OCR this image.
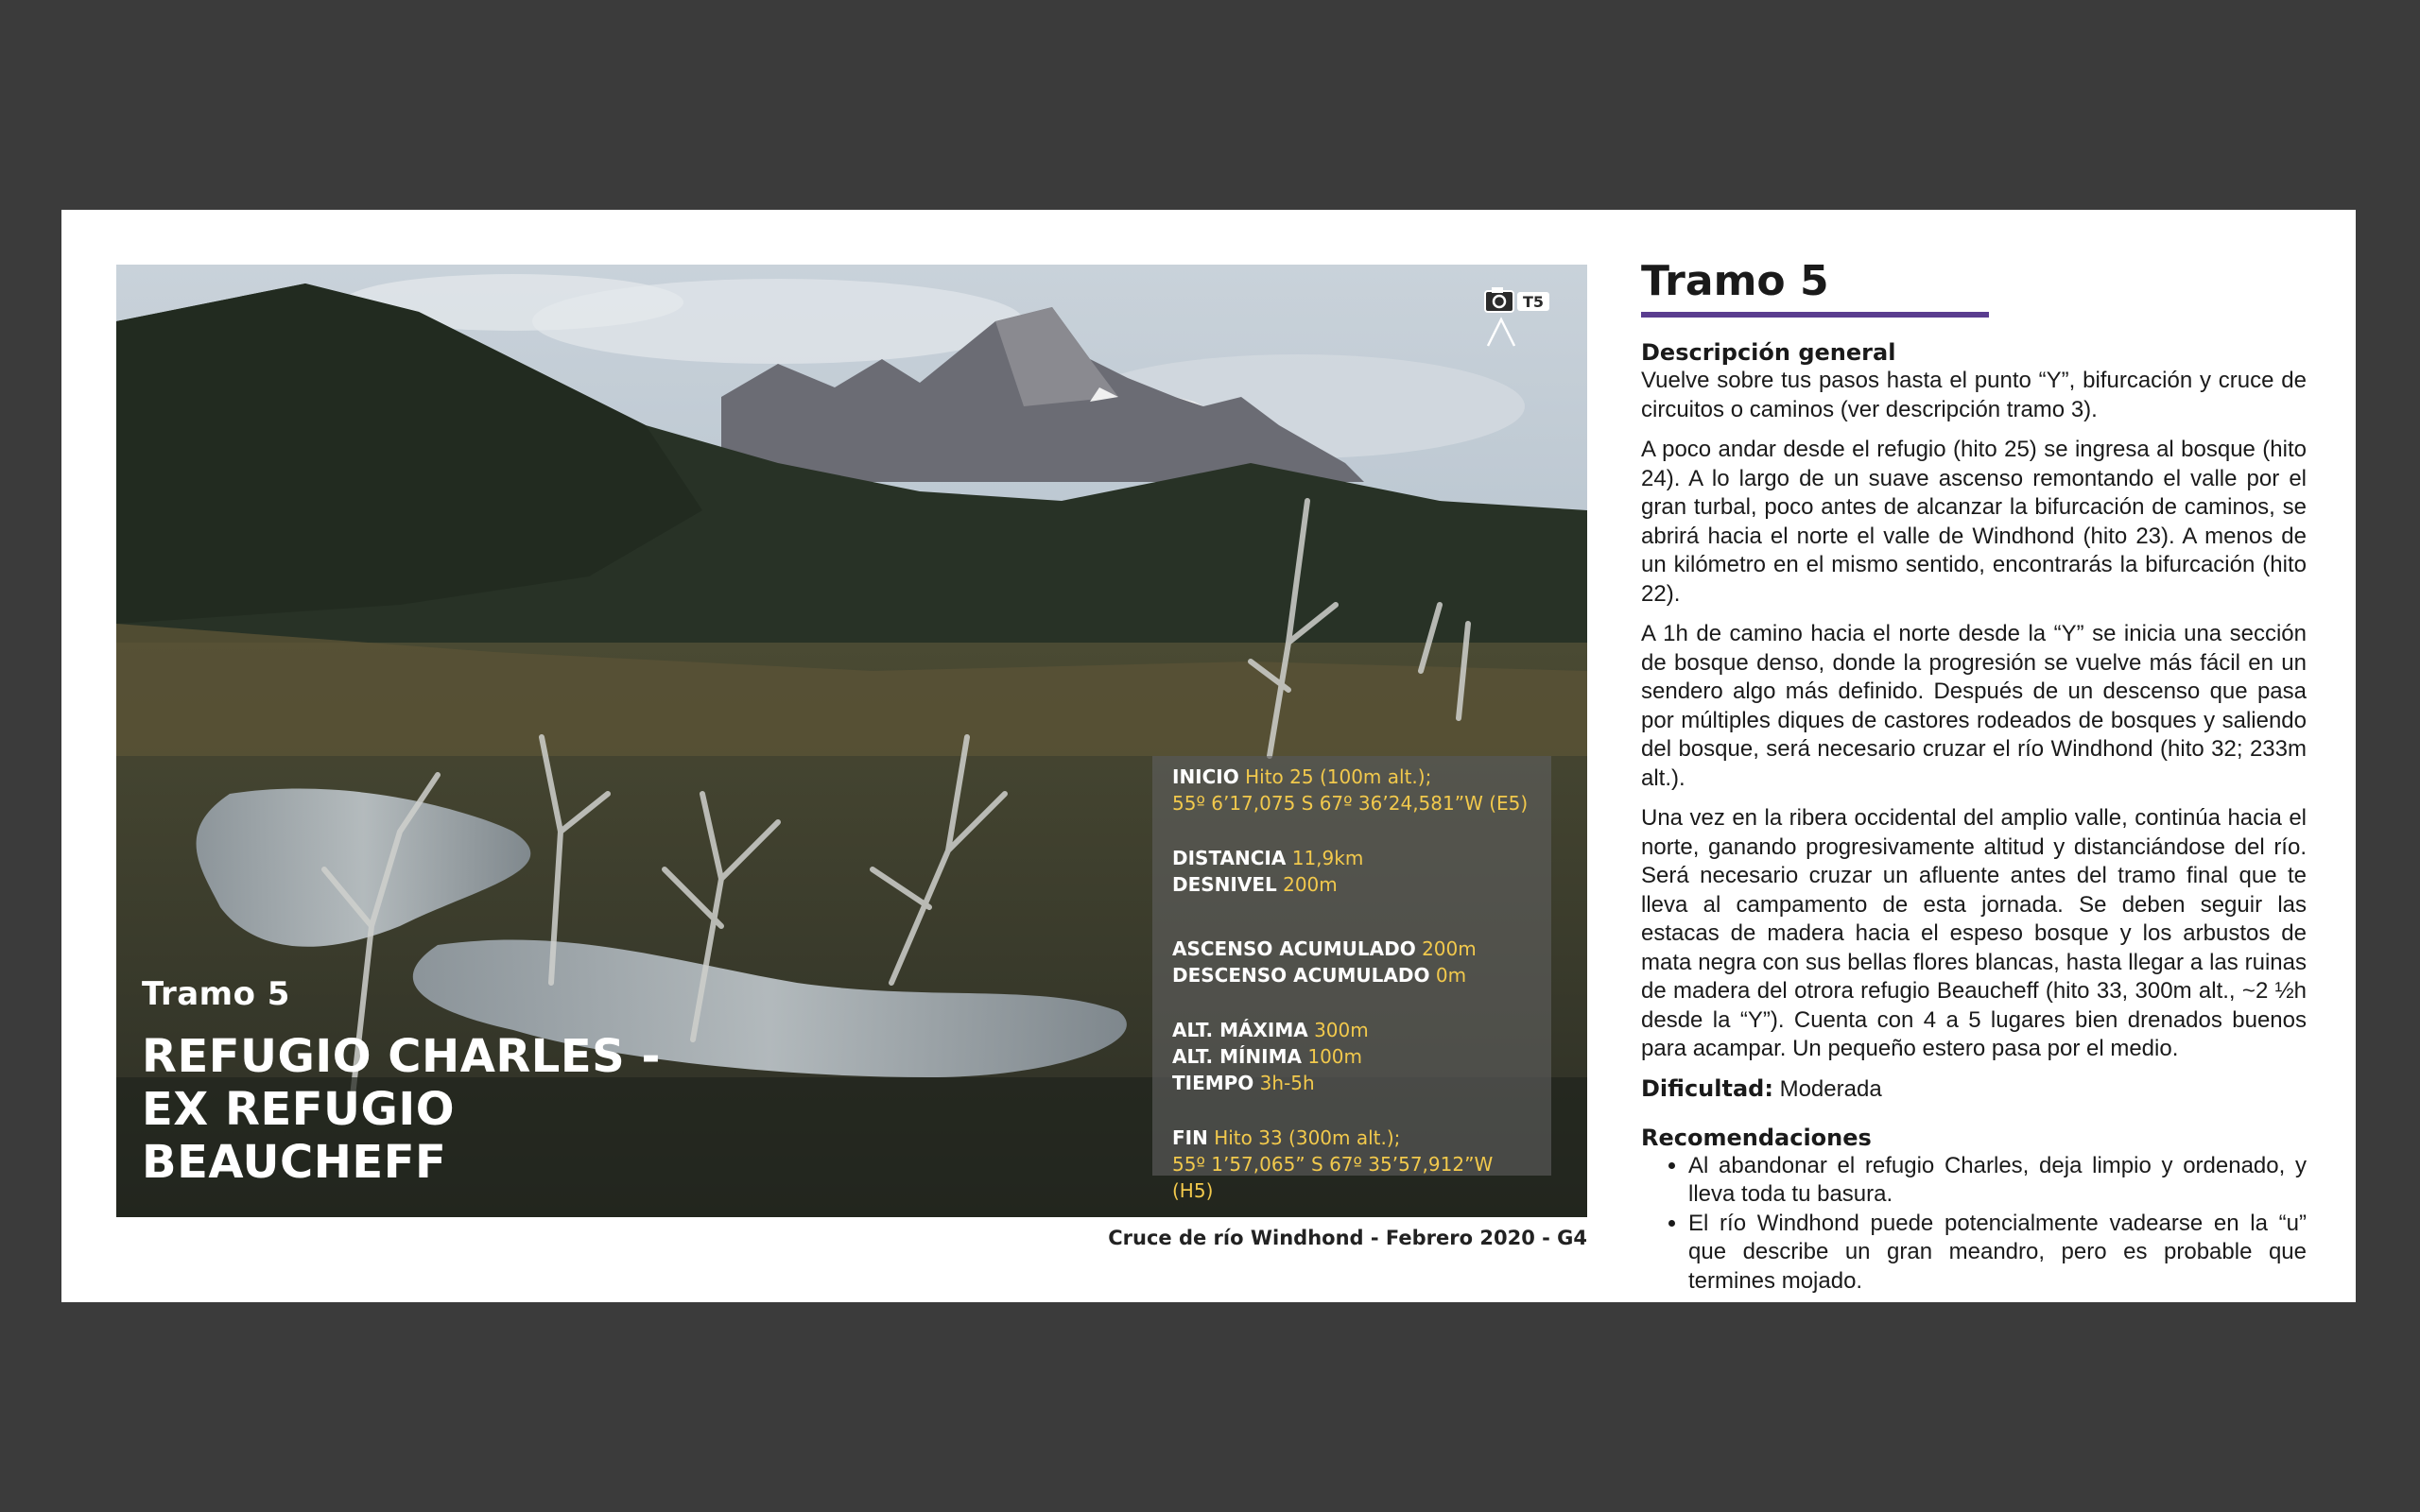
T5
INICIO Hito 25 (100m alt.);
55º 6’17,075 S 67º 36’24,581”W (E5)
DISTANCIA 11,9km
DESNIVEL 200m
ASCENSO ACUMULADO 200m
DESCENSO ACUMULADO 0m
ALT. MÁXIMA 300m
ALT. MÍNIMA 100m
TIEMPO 3h-5h
FIN Hito 33 (300m alt.);
55º 1’57,065” S 67º 35’57,912”W (H5)
Tramo 5
REFUGIO CHARLES - EX REFUGIO BEAUCHEFF
Cruce de río Windhond - Febrero 2020 - G4
Tramo 5
Descripción general

Vuelve sobre tus pasos hasta el punto “Y”, bifurcación y cruce de circuitos o caminos (ver descripción tramo 3).

A poco andar desde el refugio (hito 25) se ingresa al bosque (hito 24). A lo largo de un suave ascenso remontando el valle por el gran turbal, poco antes de alcanzar la bifurcación de caminos, se abrirá hacia el norte el valle de Windhond (hito 23). A menos de un kilómetro en el mismo sentido, encontrarás la bifurcación (hito 22).

A 1h de camino hacia el norte desde la “Y” se inicia una sección de bosque denso, donde la progresión se vuelve más fácil en un sendero algo más definido. Después de un descenso que pasa por múltiples diques de castores rodeados de bosques y saliendo del bosque, será necesario cruzar el río Windhond (hito 32; 233m alt.).

Una vez en la ribera occidental del amplio valle, continúa hacia el norte, ganando progresivamente altitud y distanciándose del río. Será necesario cruzar un afluente antes del tramo final que te lleva al campamento de esta jornada. Se deben seguir las estacas de madera hacia el espeso bosque y los arbustos de mata negra con sus bellas flores blancas, hasta llegar a las ruinas de madera del otrora refugio Beaucheff (hito 33, 300m alt., ~2 ½h desde la “Y”). Cuenta con 4 a 5 lugares bien drenados buenos para acampar. Un pequeño estero pasa por el medio.

Dificultad: Moderada
Recomendaciones
• Al abandonar el refugio Charles, deja limpio y ordenado, y lleva toda tu basura.
• El río Windhond puede potencialmente vadearse en la “u” que describe un gran meandro, pero es probable que termines mojado.
